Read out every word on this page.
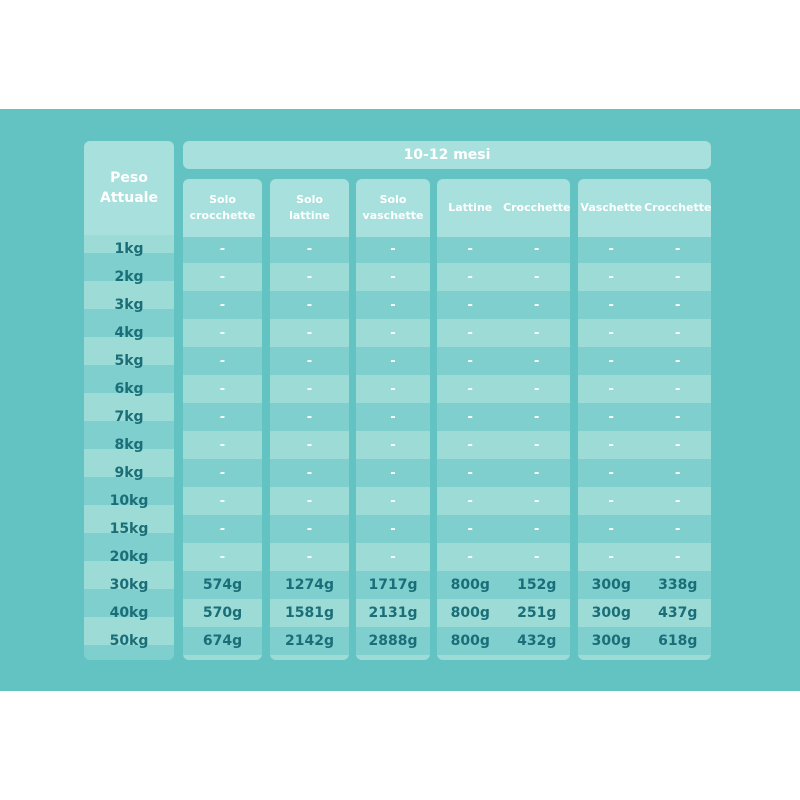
Peso
Attuale
1kg
2kg
3kg
4kg
5kg
6kg
7kg
8kg
9kg
10kg
15kg
20kg
30kg
40kg
50kg
10-12 mesi
Solo
crocchette
-
-
-
-
-
-
-
-
-
-
-
-
574g
570g
674g
Solo
lattine
-
-
-
-
-
-
-
-
-
-
-
-
1274g
1581g
2142g
Solo
vaschette
-
-
-
-
-
-
-
-
-
-
-
-
1717g
2131g
2888g
Lattine
-
-
-
-
-
-
-
-
-
-
-
-
800g
800g
800g
Crocchette
-
-
-
-
-
-
-
-
-
-
-
-
152g
251g
432g
Vaschette
-
-
-
-
-
-
-
-
-
-
-
-
300g
300g
300g
Crocchette
-
-
-
-
-
-
-
-
-
-
-
-
338g
437g
618g
